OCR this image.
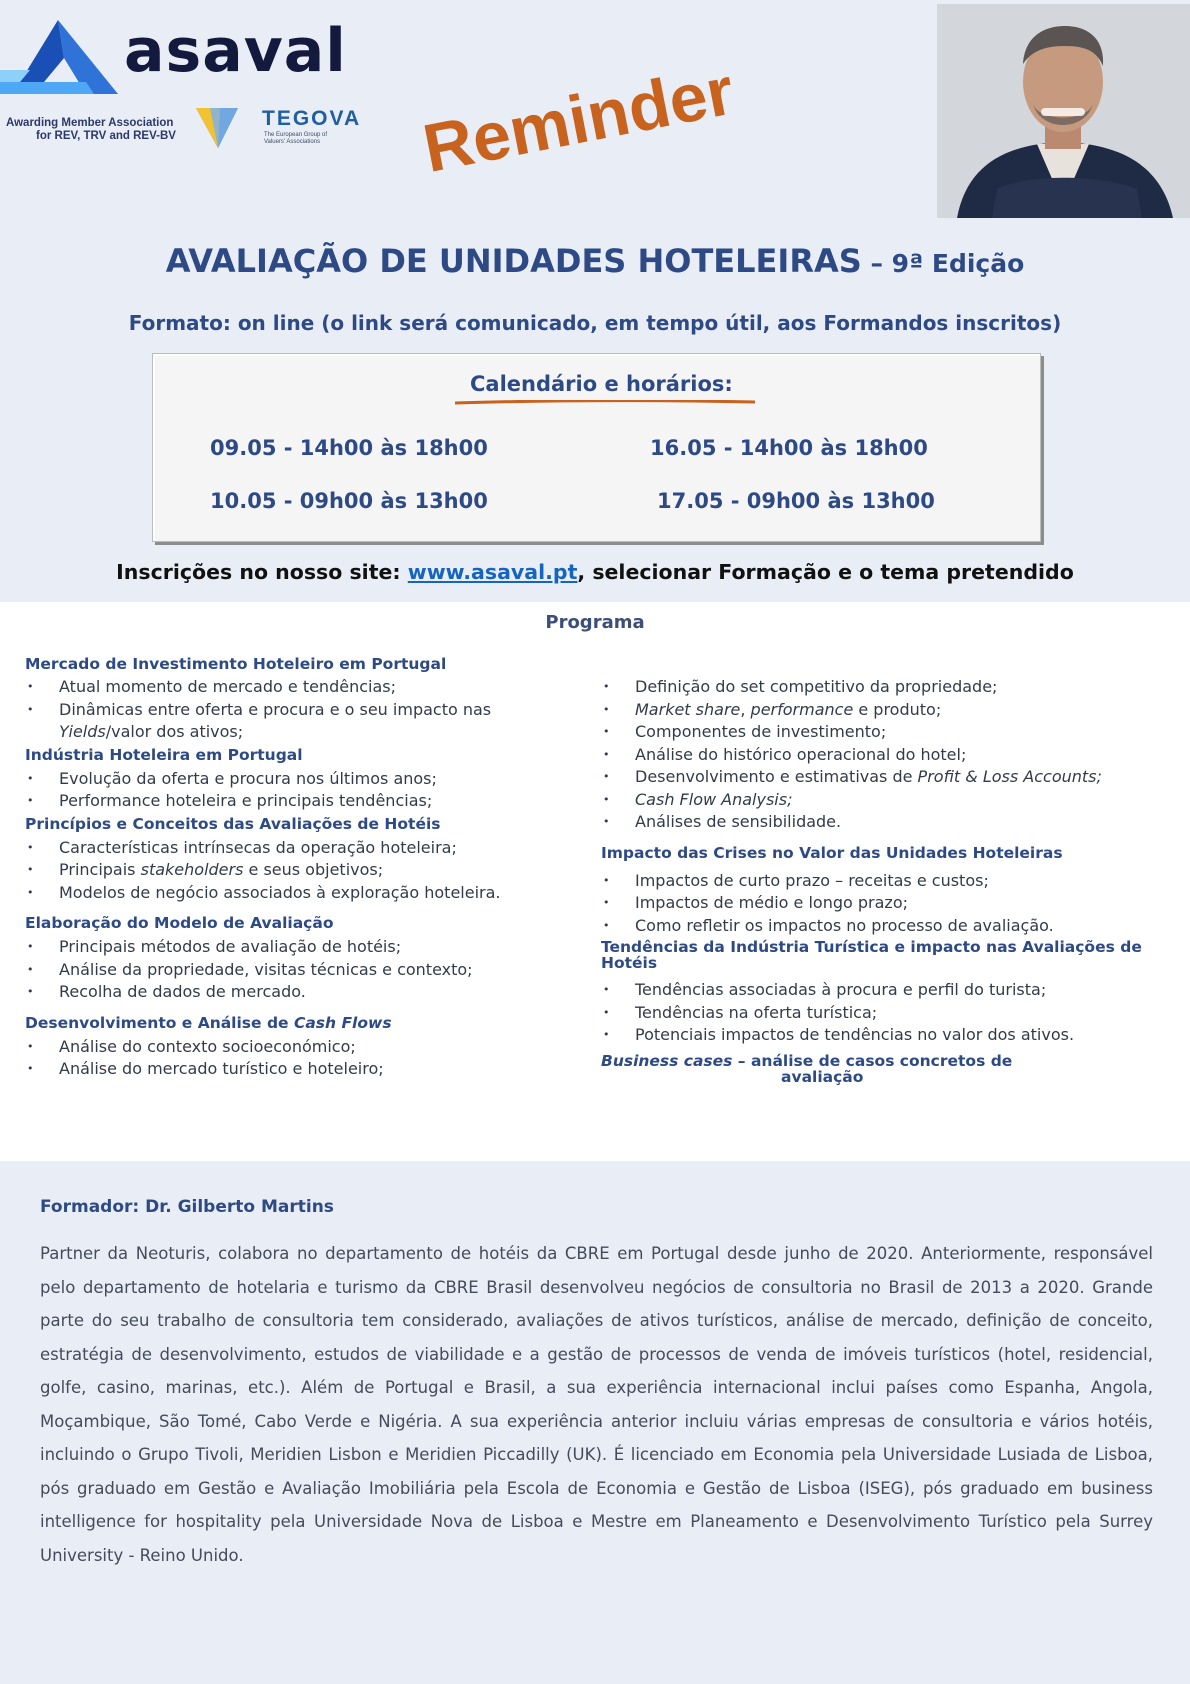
asaval
Awarding Member Association
for REV, TRV and REV-BV
TEGOVA
The European Group of Valuers' Associations	Reminder
AVALIAÇÃO DE UNIDADES HOTELEIRAS – 9ª Edição
Formato: on line (o link será comunicado, em tempo útil, aos Formandos inscritos)
Calendário e horários:
09.05 - 14h00 às 18h00	16.05 - 14h00 às 18h00
10.05 - 09h00 às 13h00	17.05 - 09h00 às 13h00
Inscrições no nosso site: www.asaval.pt, selecionar Formação e o tema pretendido
Programa
Mercado de Investimento Hoteleiro em Portugal
• Atual momento de mercado e tendências;
• Dinâmicas entre oferta e procura e o seu impacto nas Yields/valor dos ativos;
Indústria Hoteleira em Portugal
• Evolução da oferta e procura nos últimos anos;
• Performance hoteleira e principais tendências;
Princípios e Conceitos das Avaliações de Hotéis
• Características intrínsecas da operação hoteleira;
• Principais stakeholders e seus objetivos;
• Modelos de negócio associados à exploração hoteleira.
Elaboração do Modelo de Avaliação
• Principais métodos de avaliação de hotéis;
• Análise da propriedade, visitas técnicas e contexto;
• Recolha de dados de mercado.
Desenvolvimento e Análise de Cash Flows
• Análise do contexto socioeconómico;
• Análise do mercado turístico e hoteleiro;
• Definição do set competitivo da propriedade;
• Market share, performance e produto;
• Componentes de investimento;
• Análise do histórico operacional do hotel;
• Desenvolvimento e estimativas de Profit & Loss Accounts;
• Cash Flow Analysis;
• Análises de sensibilidade.
Impacto das Crises no Valor das Unidades Hoteleiras
• Impactos de curto prazo – receitas e custos;
• Impactos de médio e longo prazo;
• Como refletir os impactos no processo de avaliação.
Tendências da Indústria Turística e impacto nas Avaliações de Hotéis
• Tendências associadas à procura e perfil do turista;
• Tendências na oferta turística;
• Potenciais impactos de tendências no valor dos ativos.
Business cases – análise de casos concretos de
avaliação
Formador: Dr. Gilberto Martins
Partner da Neoturis, colabora no departamento de hotéis da CBRE em Portugal desde junho de 2020. Anteriormente, responsável pelo departamento de hotelaria e turismo da CBRE Brasil desenvolveu negócios de consultoria no Brasil de 2013 a 2020. Grande parte do seu trabalho de consultoria tem considerado, avaliações de ativos turísticos, análise de mercado, definição de conceito, estratégia de desenvolvimento, estudos de viabilidade e a gestão de processos de venda de imóveis turísticos (hotel, residencial, golfe, casino, marinas, etc.). Além de Portugal e Brasil, a sua experiência internacional inclui países como Espanha, Angola, Moçambique, São Tomé, Cabo Verde e Nigéria. A sua experiência anterior incluiu várias empresas de consultoria e vários hotéis, incluindo o Grupo Tivoli, Meridien Lisbon e Meridien Piccadilly (UK). É licenciado em Economia pela Universidade Lusiada de Lisboa, pós graduado em Gestão e Avaliação Imobiliária pela Escola de Economia e Gestão de Lisboa (ISEG), pós graduado em business intelligence for hospitality pela Universidade Nova de Lisboa e Mestre em Planeamento e Desenvolvimento Turístico pela Surrey University - Reino Unido.
